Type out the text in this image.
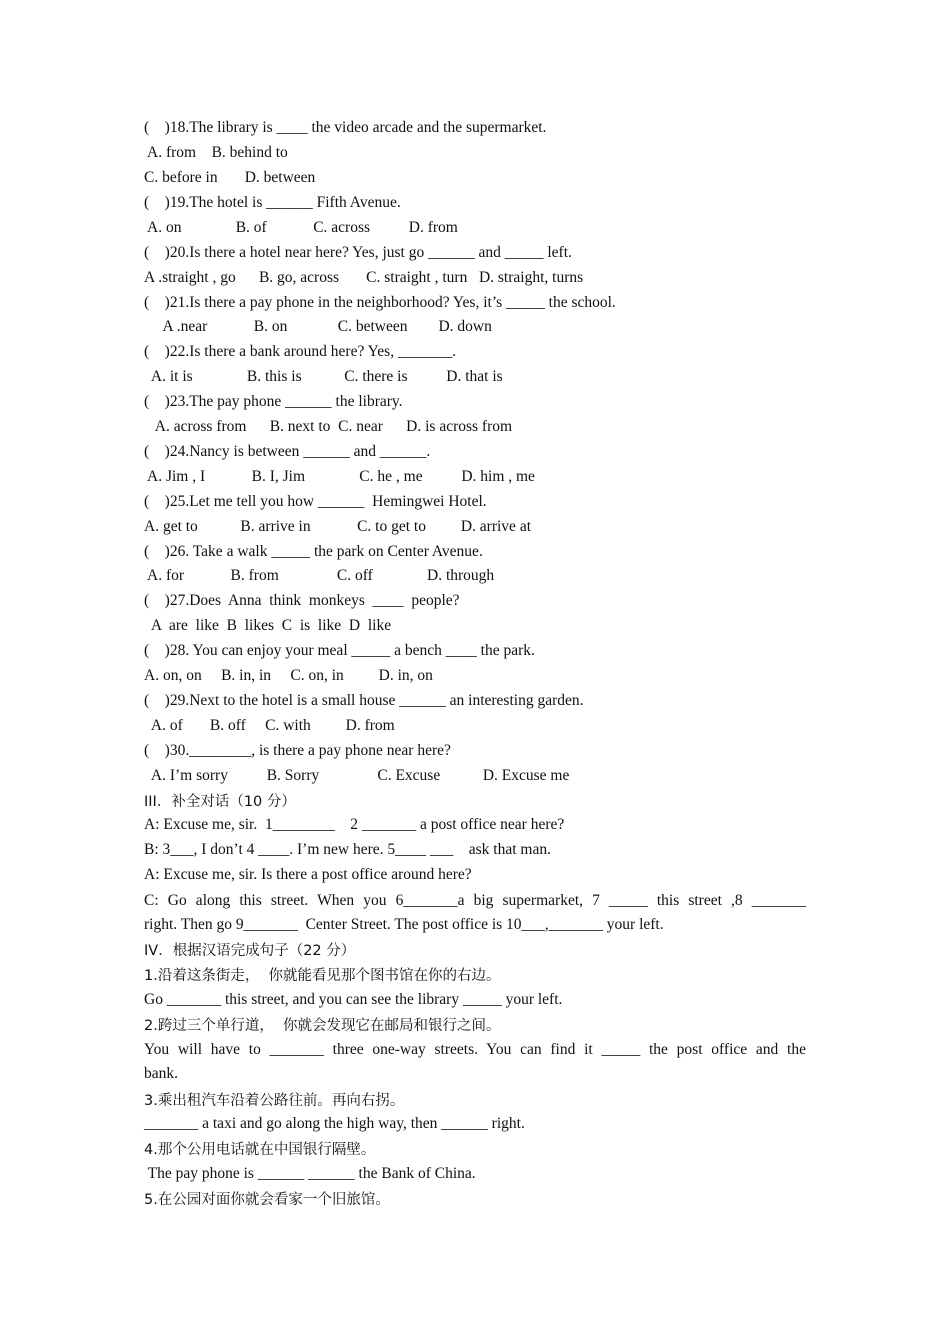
(    )18.The library is ____ the video arcade and the supermarket.
A. from    B. behind to
C. before in       D. between
(    )19.The hotel is ______ Fifth Avenue.
A. on              B. of            C. across          D. from
(    )20.Is there a hotel near here? Yes, just go ______ and _____ left.
A .straight , go      B. go, across       C. straight , turn   D. straight, turns
(    )21.Is there a pay phone in the neighborhood? Yes, it’s _____ the school.
A .near            B. on             C. between        D. down
(    )22.Is there a bank around here? Yes, _______.
A. it is              B. this is           C. there is          D. that is
(    )23.The pay phone ______ the library.
A. across from      B. next to  C. near      D. is across from
(    )24.Nancy is between ______ and ______.
A. Jim , I            B. I, Jim              C. he , me          D. him , me
(    )25.Let me tell you how ______  Hemingwei Hotel.
A. get to           B. arrive in            C. to get to         D. arrive at
(    )26. Take a walk _____ the park on Center Avenue.
A. for            B. from               C. off              D. through
(    )27.Does  Anna  think  monkeys  ____  people?
A  are  like  B  likes  C  is  like  D  like
(    )28. You can enjoy your meal _____ a bench ____ the park.
A. on, on     B. in, in     C. on, in         D. in, on
(    )29.Next to the hotel is a small house ______ an interesting garden.
A. of       B. off     C. with         D. from
(    )30.________, is there a pay phone near here?
A. I’m sorry          B. Sorry               C. Excuse           D. Excuse me
III．补全对话（10 分）
A: Excuse me, sir.  1________    2 _______ a post office near here?
B: 3___, I don’t 4 ____. I’m new here. 5____ ___    ask that man.
A: Excuse me, sir. Is there a post office around here?
C: Go along this street. When you 6_______a big supermarket, 7 _____ this street ,8 _______
right. Then go 9_______  Center Street. The post office is 10___,_______ your left.
IV．根据汉语完成句子（22 分）
1.沿着这条街走，  你就能看见那个图书馆在你的右边。
Go _______ this street, and you can see the library _____ your left.
2.跨过三个单行道，  你就会发现它在邮局和银行之间。
You will have to _______ three one-way streets. You can find it _____ the post office and the
bank.
3.乘出租汽车沿着公路往前。再向右拐。
_______ a taxi and go along the high way, then ______ right.
4.那个公用电话就在中国银行隔壁。
The pay phone is ______ ______ the Bank of China.
5.在公园对面你就会看家一个旧旅馆。
